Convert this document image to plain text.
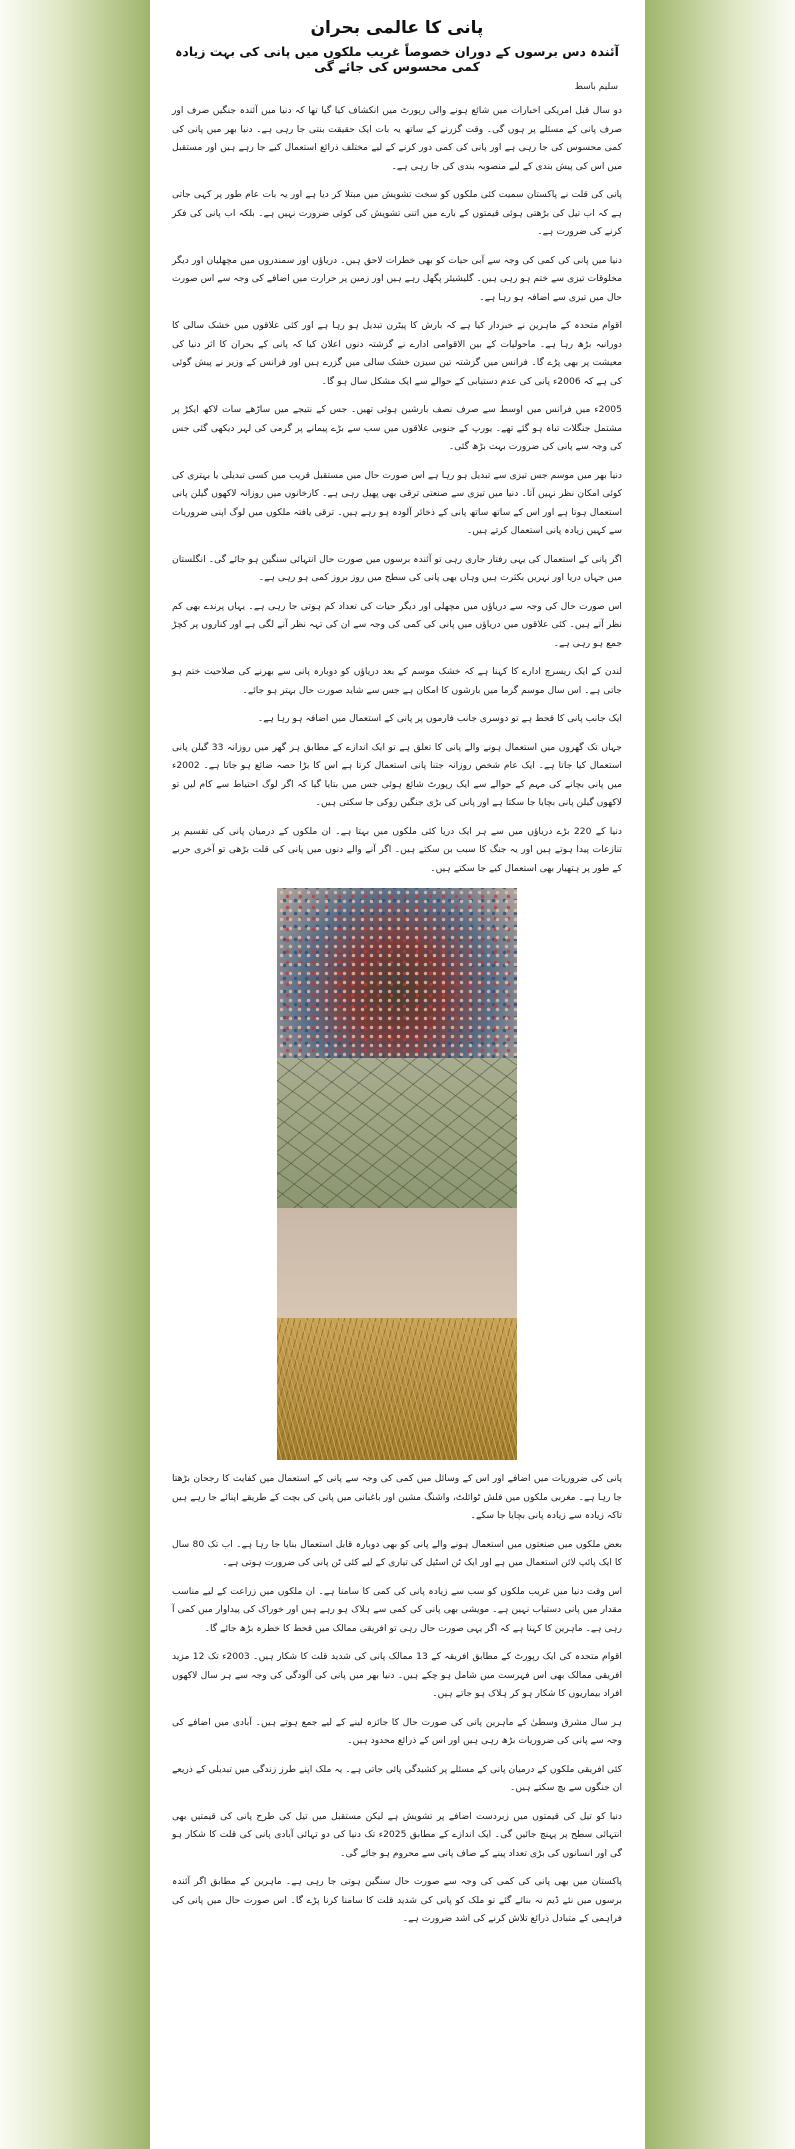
پانی کا عالمی بحران
آئندہ دس برسوں کے دوران خصوصاً غریب ملکوں میں پانی کی بہت زیادہ کمی محسوس کی جائے گی
سلیم باسط

دو سال قبل امریکی اخبارات میں شائع ہونے والی رپورٹ میں انکشاف کیا گیا تھا کہ دنیا میں آئندہ جنگیں صرف اور صرف پانی کے مسئلے پر ہوں گی۔ وقت گزرنے کے ساتھ یہ بات ایک حقیقت بنتی جا رہی ہے۔ دنیا بھر میں پانی کی کمی محسوس کی جا رہی ہے اور پانی کی کمی دور کرنے کے لیے مختلف ذرائع استعمال کیے جا رہے ہیں اور مستقبل میں اس کی پیش بندی کے لیے منصوبہ بندی کی جا رہی ہے۔

پانی کی قلت نے پاکستان سمیت کئی ملکوں کو سخت تشویش میں مبتلا کر دیا ہے اور یہ بات عام طور پر کہی جاتی ہے کہ اب تیل کی بڑھتی ہوئی قیمتوں کے بارے میں اتنی تشویش کی کوئی ضرورت نہیں ہے۔ بلکہ اب پانی کی فکر کرنے کی ضرورت ہے۔

دنیا میں پانی کی کمی کی وجہ سے آبی حیات کو بھی خطرات لاحق ہیں۔ دریاؤں اور سمندروں میں مچھلیاں اور دیگر مخلوقات تیزی سے ختم ہو رہی ہیں۔ گلیشیئر پگھل رہے ہیں اور زمین پر حرارت میں اضافے کی وجہ سے اس صورت حال میں تیزی سے اضافہ ہو رہا ہے۔

اقوام متحدہ کے ماہرین نے خبردار کیا ہے کہ بارش کا پیٹرن تبدیل ہو رہا ہے اور کئی علاقوں میں خشک سالی کا دورانیہ بڑھ رہا ہے۔ ماحولیات کے بین الاقوامی ادارے نے گزشتہ دنوں اعلان کیا کہ پانی کے بحران کا اثر دنیا کی معیشت پر بھی پڑے گا۔ فرانس میں گزشتہ تین سیزن خشک سالی میں گزرے ہیں اور فرانس کے وزیر نے پیش گوئی کی ہے کہ 2006ء پانی کی عدم دستیابی کے حوالے سے ایک مشکل سال ہو گا۔

2005ء میں فرانس میں اوسط سے صرف نصف بارشیں ہوئی تھیں۔ جس کے نتیجے میں ساڑھے سات لاکھ ایکڑ پر مشتمل جنگلات تباہ ہو گئے تھے۔ یورپ کے جنوبی علاقوں میں سب سے بڑے پیمانے پر گرمی کی لہر دیکھی گئی جس کی وجہ سے پانی کی ضرورت بہت بڑھ گئی۔

دنیا بھر میں موسم جس تیزی سے تبدیل ہو رہا ہے اس صورت حال میں مستقبل قریب میں کسی تبدیلی یا بہتری کی کوئی امکان نظر نہیں آتا۔ دنیا میں تیزی سے صنعتی ترقی بھی پھیل رہی ہے۔ کارخانوں میں روزانہ لاکھوں گیلن پانی استعمال ہوتا ہے اور اس کے ساتھ ساتھ پانی کے ذخائر آلودہ ہو رہے ہیں۔ ترقی یافتہ ملکوں میں لوگ اپنی ضروریات سے کہیں زیادہ پانی استعمال کرتے ہیں۔

اگر پانی کے استعمال کی یہی رفتار جاری رہی تو آئندہ برسوں میں صورت حال انتہائی سنگین ہو جائے گی۔ انگلستان میں جہاں دریا اور نہریں بکثرت ہیں وہاں بھی پانی کی سطح میں روز بروز کمی ہو رہی ہے۔

اس صورت حال کی وجہ سے دریاؤں میں مچھلی اور دیگر حیات کی تعداد کم ہوتی جا رہی ہے۔ یہاں پرندے بھی کم نظر آتے ہیں۔ کئی علاقوں میں دریاؤں میں پانی کی کمی کی وجہ سے ان کی تہہ نظر آنے لگی ہے اور کناروں پر کچڑ جمع ہو رہی ہے۔

لندن کے ایک ریسرچ ادارے کا کہنا ہے کہ خشک موسم کے بعد دریاؤں کو دوبارہ پانی سے بھرنے کی صلاحیت ختم ہو جاتی ہے۔ اس سال موسم گرما میں بارشوں کا امکان ہے جس سے شاید صورت حال بہتر ہو جائے۔

ایک جانب پانی کا قحط ہے تو دوسری جانب فارموں پر پانی کے استعمال میں اضافہ ہو رہا ہے۔

جہاں تک گھروں میں استعمال ہونے والے پانی کا تعلق ہے تو ایک اندازے کے مطابق ہر گھر میں روزانہ 33 گیلن پانی استعمال کیا جاتا ہے۔ ایک عام شخص روزانہ جتنا پانی استعمال کرتا ہے اس کا بڑا حصہ ضائع ہو جاتا ہے۔ 2002ء میں پانی بچانے کی مہم کے حوالے سے ایک رپورٹ شائع ہوئی جس میں بتایا گیا کہ اگر لوگ احتیاط سے کام لیں تو لاکھوں گیلن پانی بچایا جا سکتا ہے اور پانی کی بڑی جنگیں روکی جا سکتی ہیں۔

دنیا کے 220 بڑے دریاؤں میں سے ہر ایک دریا کئی ملکوں میں بہتا ہے۔ ان ملکوں کے درمیان پانی کی تقسیم پر تنازعات پیدا ہوتے ہیں اور یہ جنگ کا سبب بن سکتے ہیں۔ اگر آنے والے دنوں میں پانی کی قلت بڑھی تو آخری حربے کے طور پر ہتھیار بھی استعمال کیے جا سکتے ہیں۔

پانی کی ضروریات میں اضافے اور اس کے وسائل میں کمی کی وجہ سے پانی کے استعمال میں کفایت کا رجحان بڑھتا جا رہا ہے۔ مغربی ملکوں میں فلش ٹوائلٹ، واشنگ مشین اور باغبانی میں پانی کی بچت کے طریقے اپنائے جا رہے ہیں تاکہ زیادہ سے زیادہ پانی بچایا جا سکے۔

بعض ملکوں میں صنعتوں میں استعمال ہونے والے پانی کو بھی دوبارہ قابل استعمال بنایا جا رہا ہے۔ اب تک 80 سال کا ایک پائپ لائن استعمال میں ہے اور ایک ٹن اسٹیل کی تیاری کے لیے کئی ٹن پانی کی ضرورت ہوتی ہے۔

اس وقت دنیا میں غریب ملکوں کو سب سے زیادہ پانی کی کمی کا سامنا ہے۔ ان ملکوں میں زراعت کے لیے مناسب مقدار میں پانی دستیاب نہیں ہے۔ مویشی بھی پانی کی کمی سے ہلاک ہو رہے ہیں اور خوراک کی پیداوار میں کمی آ رہی ہے۔ ماہرین کا کہنا ہے کہ اگر یہی صورت حال رہی تو افریقی ممالک میں قحط کا خطرہ بڑھ جائے گا۔

اقوام متحدہ کی ایک رپورٹ کے مطابق افریقہ کے 13 ممالک پانی کی شدید قلت کا شکار ہیں۔ 2003ء تک 12 مزید افریقی ممالک بھی اس فہرست میں شامل ہو چکے ہیں۔ دنیا بھر میں پانی کی آلودگی کی وجہ سے ہر سال لاکھوں افراد بیماریوں کا شکار ہو کر ہلاک ہو جاتے ہیں۔

ہر سال مشرق وسطیٰ کے ماہرین پانی کی صورت حال کا جائزہ لینے کے لیے جمع ہوتے ہیں۔ آبادی میں اضافے کی وجہ سے پانی کی ضروریات بڑھ رہی ہیں اور اس کے ذرائع محدود ہیں۔

کئی افریقی ملکوں کے درمیان پانی کے مسئلے پر کشیدگی پائی جاتی ہے۔ یہ ملک اپنے طرز زندگی میں تبدیلی کے ذریعے ان جنگوں سے بچ سکتے ہیں۔

دنیا کو تیل کی قیمتوں میں زبردست اضافے پر تشویش ہے لیکن مستقبل میں تیل کی طرح پانی کی قیمتیں بھی انتہائی سطح پر پہنچ جائیں گی۔ ایک اندازے کے مطابق 2025ء تک دنیا کی دو تہائی آبادی پانی کی قلت کا شکار ہو گی اور انسانوں کی بڑی تعداد پینے کے صاف پانی سے محروم ہو جائے گی۔

پاکستان میں بھی پانی کی کمی کی وجہ سے صورت حال سنگین ہوتی جا رہی ہے۔ ماہرین کے مطابق اگر آئندہ برسوں میں نئے ڈیم نہ بنائے گئے تو ملک کو پانی کی شدید قلت کا سامنا کرنا پڑے گا۔ اس صورت حال میں پانی کی فراہمی کے متبادل ذرائع تلاش کرنے کی اشد ضرورت ہے۔
